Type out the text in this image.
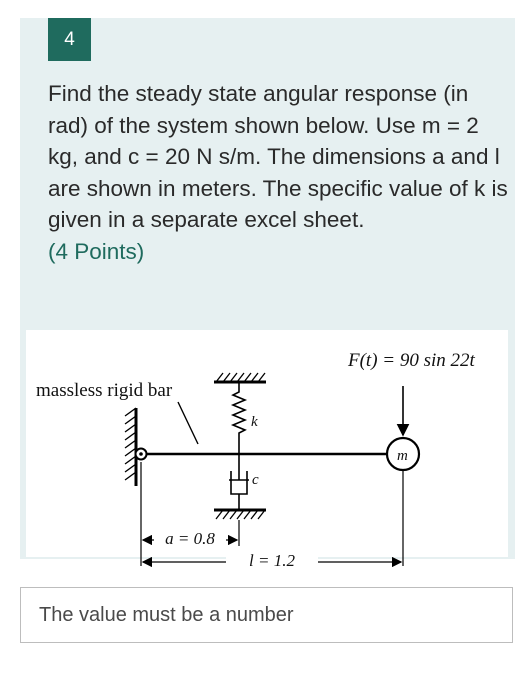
4
Find the steady state angular response (in rad) of the system shown below. Use m = 2 kg, and c = 20 N s/m. The dimensions a and l are shown in meters. The specific value of k is given in a separate excel sheet.
(4 Points)
F(t) = 90 sin 22t
massless rigid bar
k
c
m
a = 0.8
l = 1.2
The value must be a number
